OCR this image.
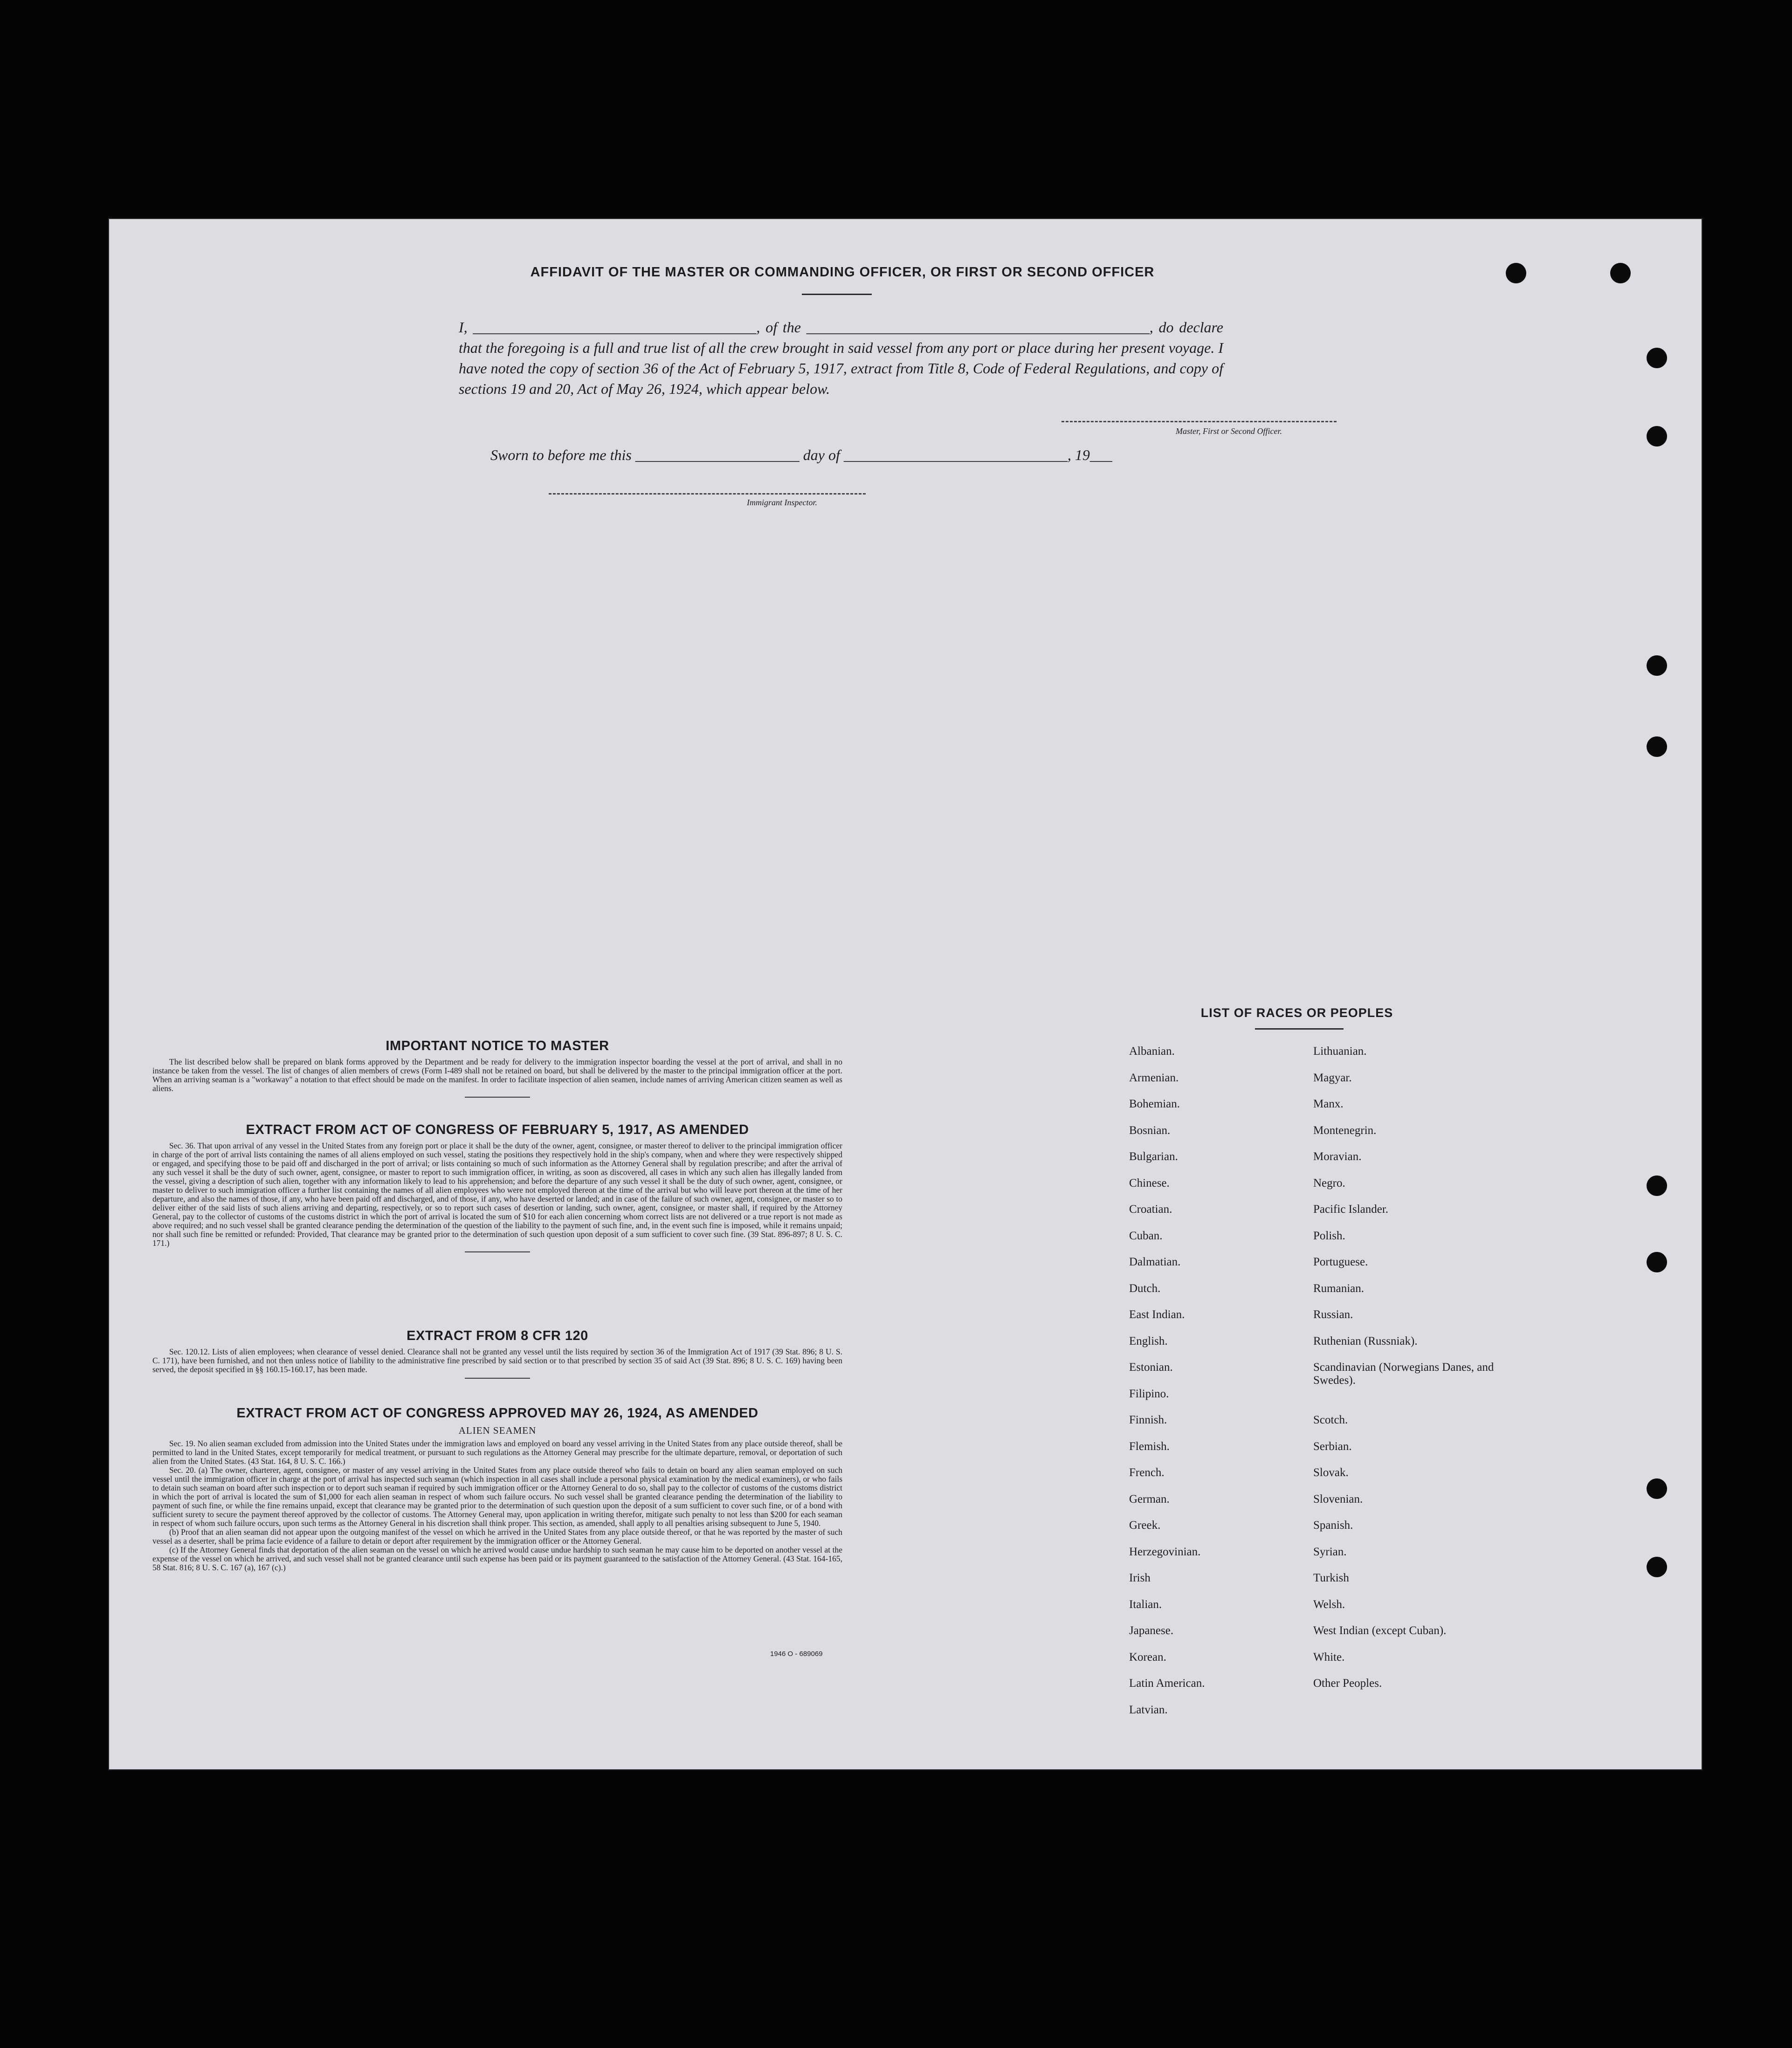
AFFIDAVIT OF THE MASTER OR COMMANDING OFFICER, OR FIRST OR SECOND OFFICER
I, ______________________________________, of the ______________________________________________, do declare that the foregoing is a full and true list of all the crew brought in said vessel from any port or place during her present voyage. I have noted the copy of section 36 of the Act of February 5, 1917, extract from Title 8, Code of Federal Regulations, and copy of sections 19 and 20, Act of May 26, 1924, which appear below.
Master, First or Second Officer.
Sworn to before me this ______________________ day of ______________________________, 19___
Immigrant Inspector.
IMPORTANT NOTICE TO MASTER

The list described below shall be prepared on blank forms approved by the Department and be ready for delivery to the immigration inspector boarding the vessel at the port of arrival, and shall in no instance be taken from the vessel. The list of changes of alien members of crews (Form I-489 shall not be retained on board, but shall be delivered by the master to the principal immigration officer at the port. When an arriving seaman is a "workaway" a notation to that effect should be made on the manifest. In order to facilitate inspection of alien seamen, include names of arriving American citizen seamen as well as aliens.

EXTRACT FROM ACT OF CONGRESS OF FEBRUARY 5, 1917, AS AMENDED

Sec. 36. That upon arrival of any vessel in the United States from any foreign port or place it shall be the duty of the owner, agent, consignee, or master thereof to deliver to the principal immigration officer in charge of the port of arrival lists containing the names of all aliens employed on such vessel, stating the positions they respectively hold in the ship's company, when and where they were respectively shipped or engaged, and specifying those to be paid off and discharged in the port of arrival; or lists containing so much of such information as the Attorney General shall by regulation prescribe; and after the arrival of any such vessel it shall be the duty of such owner, agent, consignee, or master to report to such immigration officer, in writing, as soon as discovered, all cases in which any such alien has illegally landed from the vessel, giving a description of such alien, together with any information likely to lead to his apprehension; and before the departure of any such vessel it shall be the duty of such owner, agent, consignee, or master to deliver to such immigration officer a further list containing the names of all alien employees who were not employed thereon at the time of the arrival but who will leave port thereon at the time of her departure, and also the names of those, if any, who have been paid off and discharged, and of those, if any, who have deserted or landed; and in case of the failure of such owner, agent, consignee, or master so to deliver either of the said lists of such aliens arriving and departing, respectively, or so to report such cases of desertion or landing, such owner, agent, consignee, or master shall, if required by the Attorney General, pay to the collector of customs of the customs district in which the port of arrival is located the sum of $10 for each alien concerning whom correct lists are not delivered or a true report is not made as above required; and no such vessel shall be granted clearance pending the determination of the question of the liability to the payment of such fine, and, in the event such fine is imposed, while it remains unpaid; nor shall such fine be remitted or refunded: Provided, That clearance may be granted prior to the determination of such question upon deposit of a sum sufficient to cover such fine. (39 Stat. 896-897; 8 U. S. C. 171.)

EXTRACT FROM 8 CFR 120

Sec. 120.12. Lists of alien employees; when clearance of vessel denied. Clearance shall not be granted any vessel until the lists required by section 36 of the Immigration Act of 1917 (39 Stat. 896; 8 U. S. C. 171), have been furnished, and not then unless notice of liability to the administrative fine prescribed by said section or to that prescribed by section 35 of said Act (39 Stat. 896; 8 U. S. C. 169) having been served, the deposit specified in §§ 160.15-160.17, has been made.

EXTRACT FROM ACT OF CONGRESS APPROVED MAY 26, 1924, AS AMENDED
ALIEN SEAMEN

Sec. 19. No alien seaman excluded from admission into the United States under the immigration laws and employed on board any vessel arriving in the United States from any place outside thereof, shall be permitted to land in the United States, except temporarily for medical treatment, or pursuant to such regulations as the Attorney General may prescribe for the ultimate departure, removal, or deportation of such alien from the United States. (43 Stat. 164, 8 U. S. C. 166.)

Sec. 20. (a) The owner, charterer, agent, consignee, or master of any vessel arriving in the United States from any place outside thereof who fails to detain on board any alien seaman employed on such vessel until the immigration officer in charge at the port of arrival has inspected such seaman (which inspection in all cases shall include a personal physical examination by the medical examiners), or who fails to detain such seaman on board after such inspection or to deport such seaman if required by such immigration officer or the Attorney General to do so, shall pay to the collector of customs of the customs district in which the port of arrival is located the sum of $1,000 for each alien seaman in respect of whom such failure occurs. No such vessel shall be granted clearance pending the determination of the liability to payment of such fine, or while the fine remains unpaid, except that clearance may be granted prior to the determination of such question upon the deposit of a sum sufficient to cover such fine, or of a bond with sufficient surety to secure the payment thereof approved by the collector of customs. The Attorney General may, upon application in writing therefor, mitigate such penalty to not less than $200 for each seaman in respect of whom such failure occurs, upon such terms as the Attorney General in his discretion shall think proper. This section, as amended, shall apply to all penalties arising subsequent to June 5, 1940.

(b) Proof that an alien seaman did not appear upon the outgoing manifest of the vessel on which he arrived in the United States from any place outside thereof, or that he was reported by the master of such vessel as a deserter, shall be prima facie evidence of a failure to detain or deport after requirement by the immigration officer or the Attorney General.

(c) If the Attorney General finds that deportation of the alien seaman on the vessel on which he arrived would cause undue hardship to such seaman he may cause him to be deported on another vessel at the expense of the vessel on which he arrived, and such vessel shall not be granted clearance until such expense has been paid or its payment guaranteed to the satisfaction of the Attorney General. (43 Stat. 164-165, 58 Stat. 816; 8 U. S. C. 167 (a), 167 (c).)

1946 O - 689069
LIST OF RACES OR PEOPLES
Albanian.
Armenian.
Bohemian.
Bosnian.
Bulgarian.
Chinese.
Croatian.
Cuban.
Dalmatian.
Dutch.
East Indian.
English.
Estonian.
Filipino.
Finnish.
Flemish.
French.
German.
Greek.
Herzegovinian.
Irish
Italian.
Japanese.
Korean.
Latin American.
Latvian.
Lithuanian.
Magyar.
Manx.
Montenegrin.
Moravian.
Negro.
Pacific Islander.
Polish.
Portuguese.
Rumanian.
Russian.
Ruthenian (Russniak).
Scandinavian (Norwegians Danes, and Swedes).
Scotch.
Serbian.
Slovak.
Slovenian.
Spanish.
Syrian.
Turkish
Welsh.
West Indian (except Cuban).
White.
Other Peoples.
